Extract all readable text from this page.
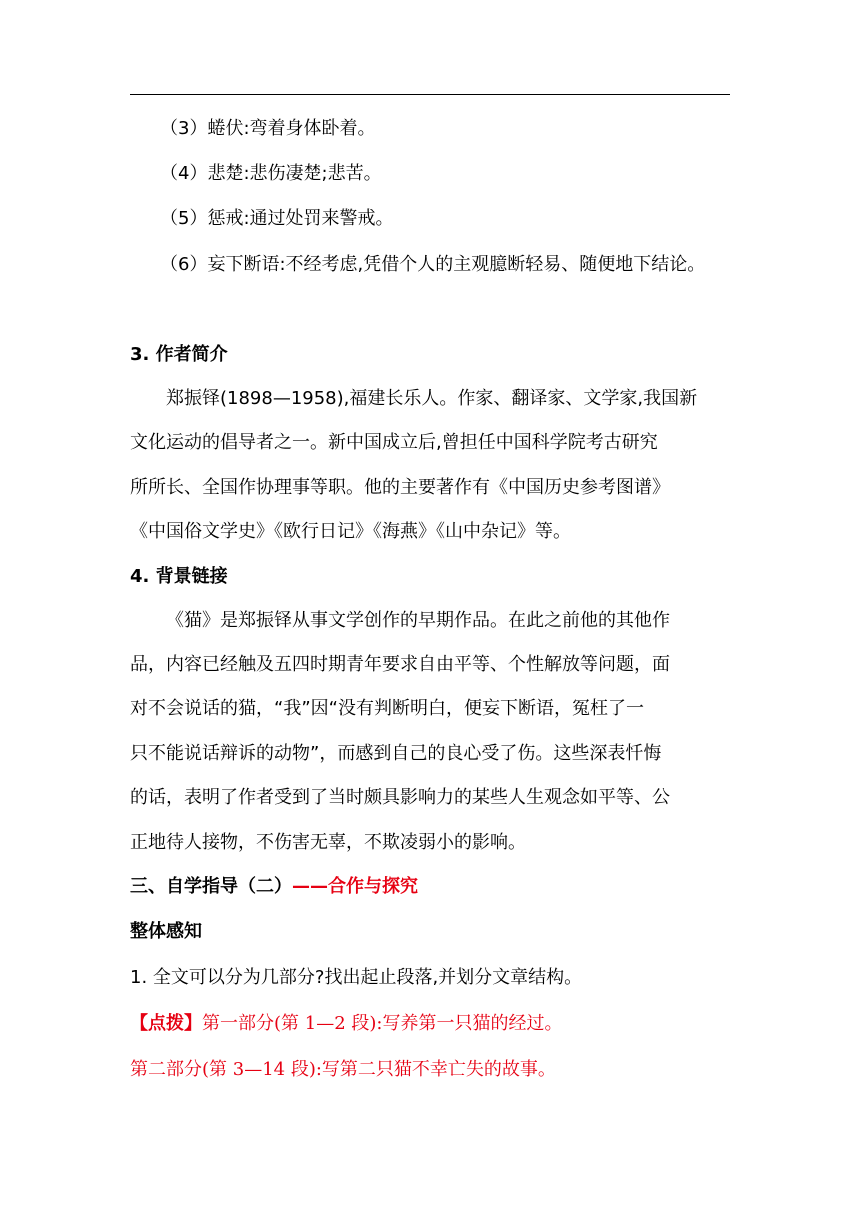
（3）蜷伏:弯着身体卧着。

（4）悲楚:悲伤凄楚;悲苦。

（5）惩戒:通过处罚来警戒。

（6）妄下断语:不经考虑,凭借个人的主观臆断轻易、随便地下结论。

3. 作者简介

郑振铎(1898—1958),福建长乐人。作家、翻译家、文学家,我国新

文化运动的倡导者之一。新中国成立后,曾担任中国科学院考古研究

所所长、全国作协理事等职。他的主要著作有《中国历史参考图谱》

《中国俗文学史》《欧行日记》《海燕》《山中杂记》等。

4. 背景链接

《猫》是郑振铎从事文学创作的早期作品。在此之前他的其他作

品，内容已经触及五四时期青年要求自由平等、个性解放等问题，面

对不会说话的猫，“我”因“没有判断明白，便妄下断语，冤枉了一

只不能说话辩诉的动物”，而感到自己的良心受了伤。这些深表忏悔

的话，表明了作者受到了当时颇具影响力的某些人生观念如平等、公

正地待人接物，不伤害无辜，不欺凌弱小的影响。

三、自学指导（二）——合作与探究

整体感知

1. 全文可以分为几部分?找出起止段落,并划分文章结构。

【点拨】第一部分(第 1—2 段):写养第一只猫的经过。

第二部分(第 3—14 段):写第二只猫不幸亡失的故事。
